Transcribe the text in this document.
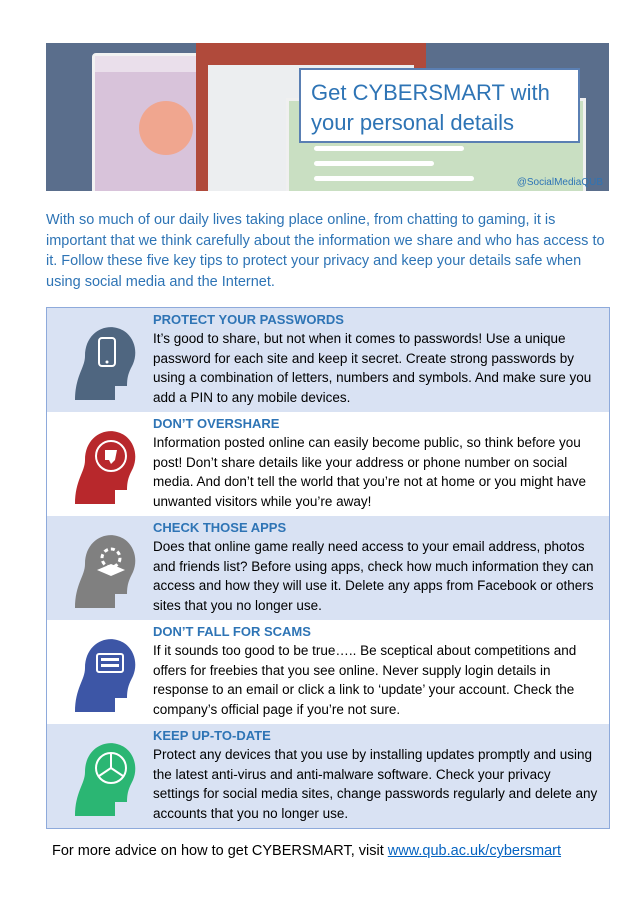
Get CYBERSMART with
your personal details
@SocialMediaQUB

With so much of our daily lives taking place online, from chatting to gaming, it is important that we think carefully about the information we share and who has access to it. Follow these five key tips to protect your privacy and keep your details safe when using social media and the Internet.

PROTECT YOUR PASSWORDS
It’s good to share, but not when it comes to passwords! Use a unique password for each site and keep it secret. Create strong passwords by using a combination of letters, numbers and symbols. And make sure you add a PIN to any mobile devices.
DON’T OVERSHARE
Information posted online can easily become public, so think before you post! Don’t share details like your address or phone number on social media. And don’t tell the world that you’re not at home or you might have unwanted visitors while you’re away!
CHECK THOSE APPS
Does that online game really need access to your email address, photos and friends list? Before using apps, check how much information they can access and how they will use it. Delete any apps from Facebook or others sites that you no longer use.
DON’T FALL FOR SCAMS
If it sounds too good to be true….. Be sceptical about competitions and offers for freebies that you see online. Never supply login details in response to an email or click a link to ‘update’ your account. Check the company’s official page if you’re not sure.
KEEP UP-TO-DATE
Protect any devices that you use by installing updates promptly and using the latest anti-virus and anti-malware software. Check your privacy settings for social media sites, change passwords regularly and delete any accounts that you no longer use.
For more advice on how to get CYBERSMART, visit www.qub.ac.uk/cybersmart
